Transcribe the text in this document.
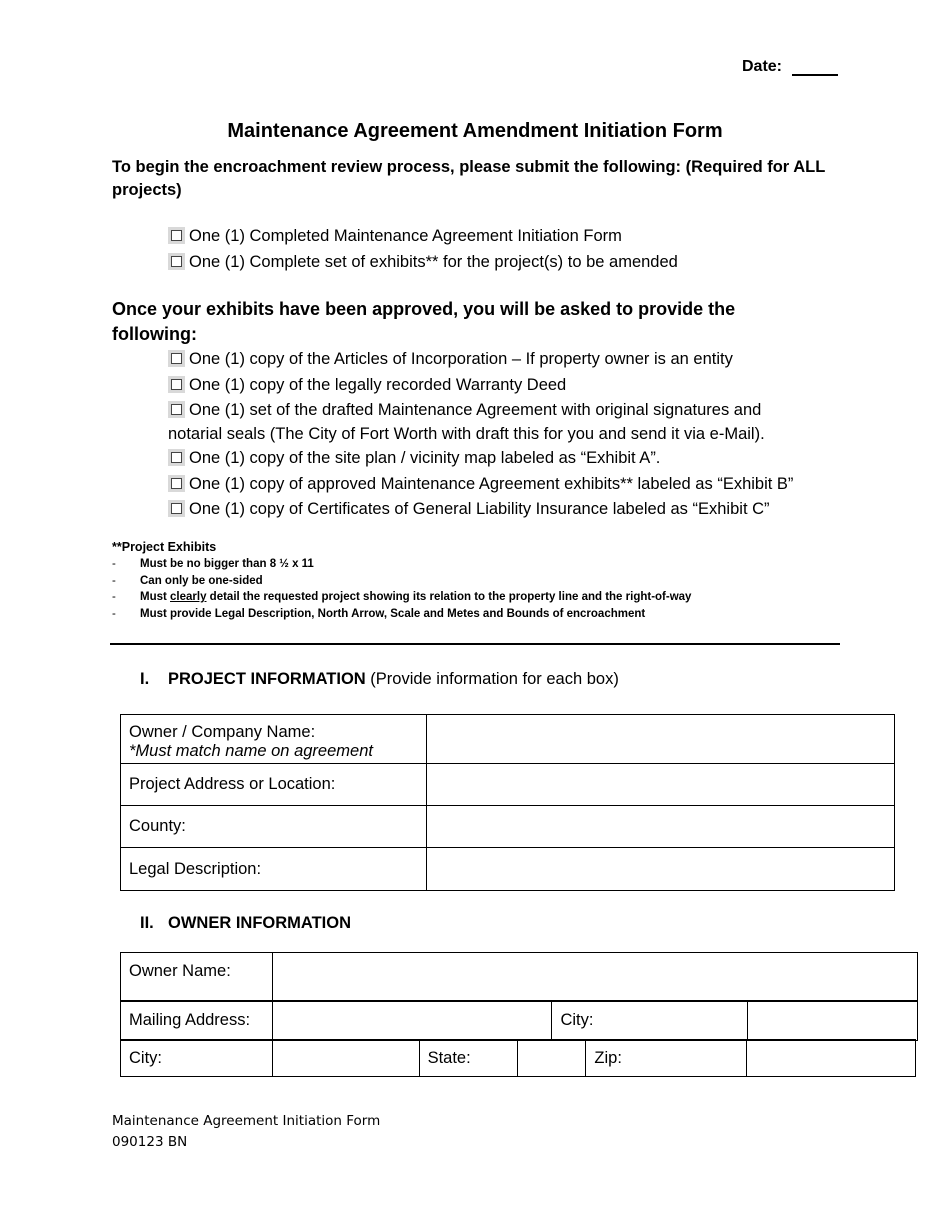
Date:
Maintenance Agreement Amendment Initiation Form
To begin the encroachment review process, please submit the following: (Required for ALL projects)
One (1) Completed Maintenance Agreement Initiation Form
One (1) Complete set of exhibits** for the project(s) to be amended
Once your exhibits have been approved, you will be asked to provide the following:
One (1) copy of the Articles of Incorporation – If property owner is an entity
One (1) copy of the legally recorded Warranty Deed
One (1) set of the drafted Maintenance Agreement with original signatures and notarial seals (The City of Fort Worth with draft this for you and send it via e-Mail).
One (1) copy of the site plan / vicinity map labeled as “Exhibit A”.
One (1) copy of approved Maintenance Agreement exhibits** labeled as “Exhibit B”
One (1) copy of Certificates of General Liability Insurance labeled as “Exhibit C”
**Project Exhibits
-	Must be no bigger than 8 ½ x 11
-	Can only be one-sided
-	Must clearly detail the requested project showing its relation to the property line and the right-of-way
-	Must provide Legal Description, North Arrow, Scale and Metes and Bounds of encroachment
I. PROJECT INFORMATION (Provide information for each box)
Owner / Company Name:
*Must match name on agreement	

Project Address or Location:	
County:	
Legal Description:	
II. OWNER INFORMATION
Owner Name:	
Mailing Address:		City:	
City:		State:		Zip:	
Maintenance Agreement Initiation Form
090123 BN
